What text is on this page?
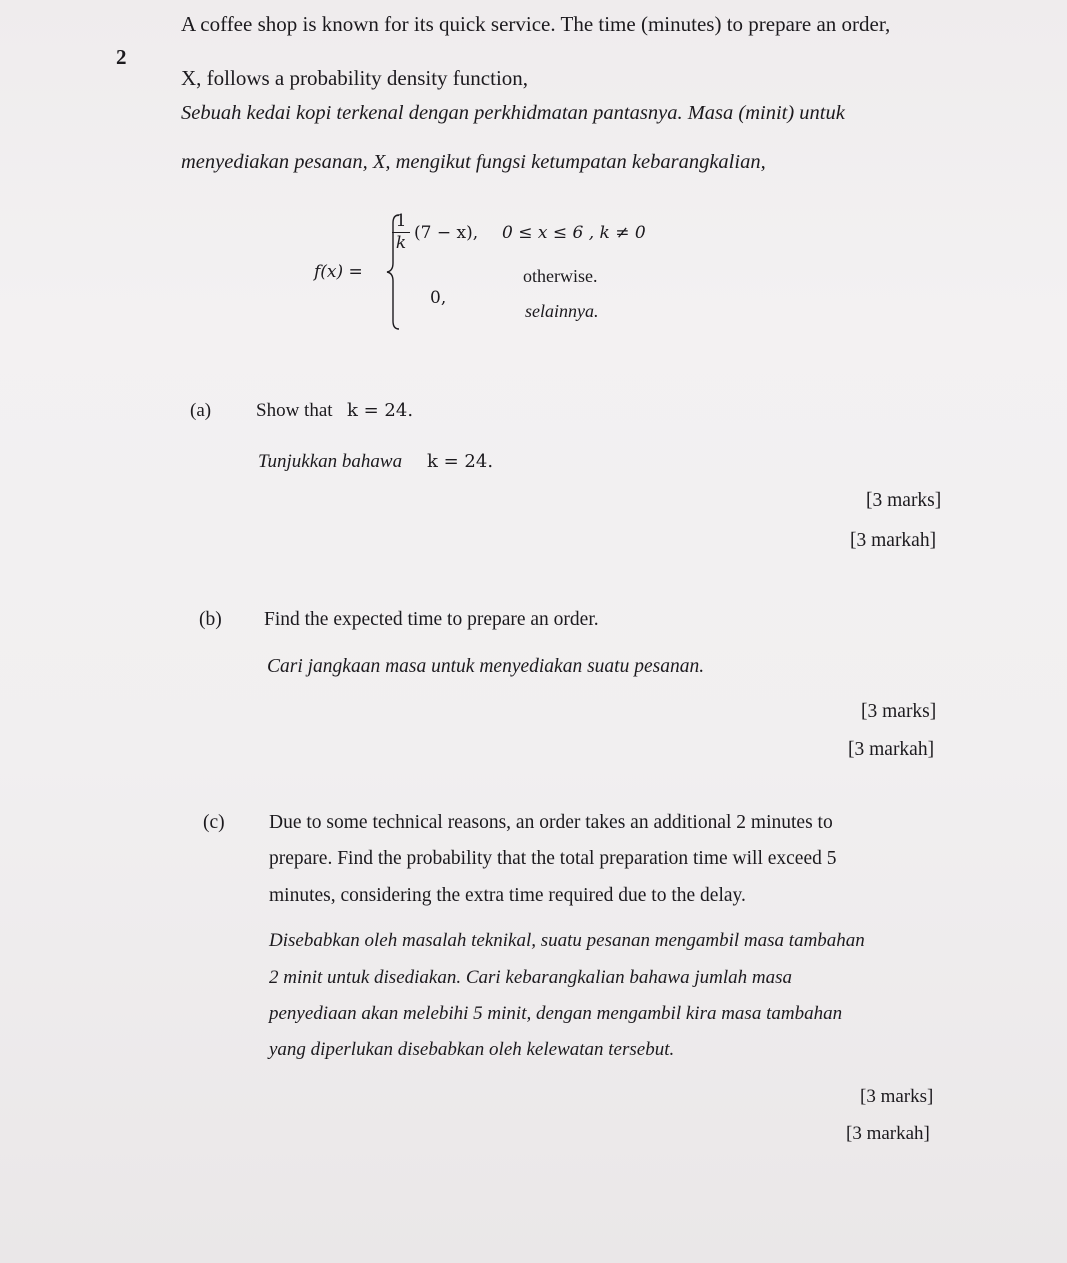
2
A coffee shop is known for its quick service. The time (minutes) to prepare an order,
X, follows a probability density function,
Sebuah kedai kopi terkenal dengan perkhidmatan pantasnya. Masa (minit) untuk
menyediakan pesanan, X, mengikut fungsi ketumpatan kebarangkalian,
f(x) =
1
k (7 − x), 0 ≤ x ≤ 6 , k ≠ 0
0,
otherwise.
selainnya.
(a) Show that k = 24.
Tunjukkan bahawa k = 24.
[3 marks]
[3 markah]
(b) Find the expected time to prepare an order.
Cari jangkaan masa untuk menyediakan suatu pesanan.
[3 marks]
[3 markah]
(c) Due to some technical reasons, an order takes an additional 2 minutes to
prepare. Find the probability that the total preparation time will exceed 5
minutes, considering the extra time required due to the delay.
Disebabkan oleh masalah teknikal, suatu pesanan mengambil masa tambahan
2 minit untuk disediakan. Cari kebarangkalian bahawa jumlah masa
penyediaan akan melebihi 5 minit, dengan mengambil kira masa tambahan
yang diperlukan disebabkan oleh kelewatan tersebut.
[3 marks]
[3 markah]
